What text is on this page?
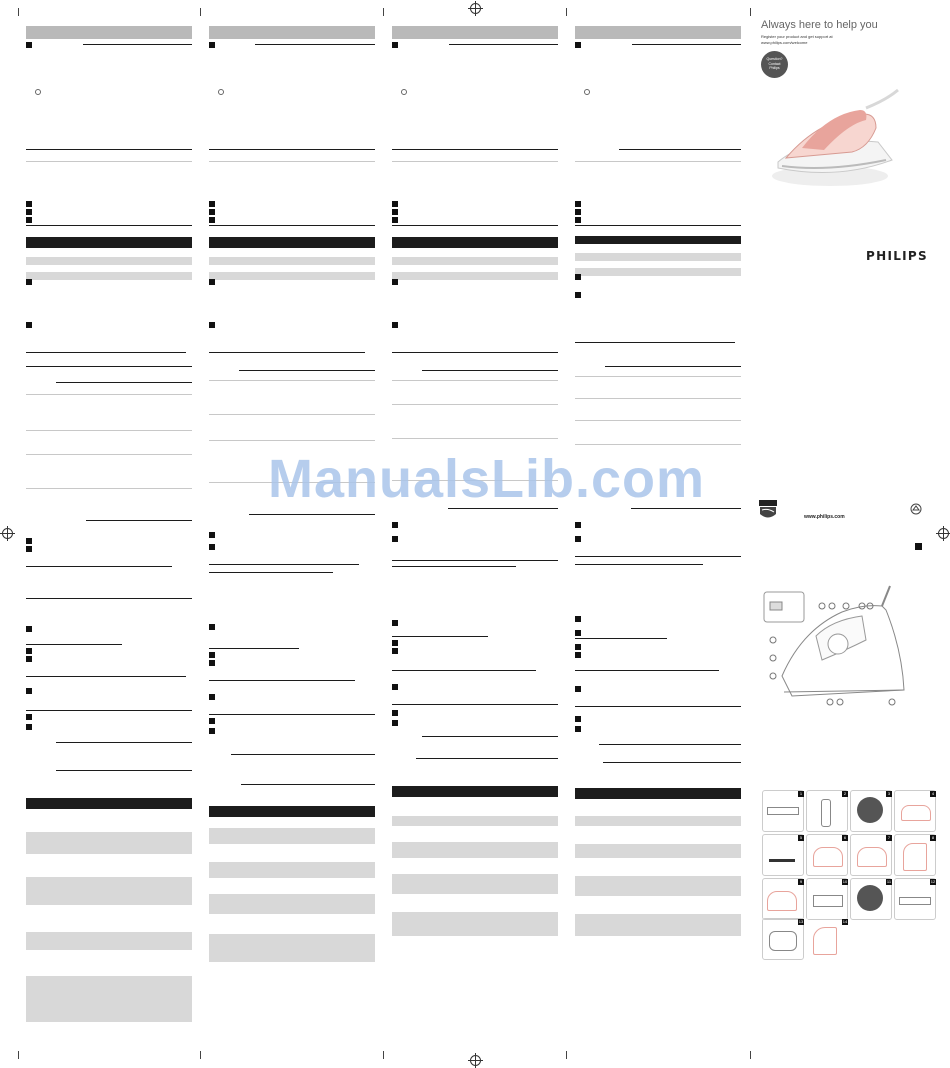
Always here to help you
Register your product and get support at
www.philips.com/welcome
Question?
Contact
Philips
PHILIPS
www.philips.com
1	2	3	4
5	6	7	8
9	10	11	12
13	14
ManualsLib.com
